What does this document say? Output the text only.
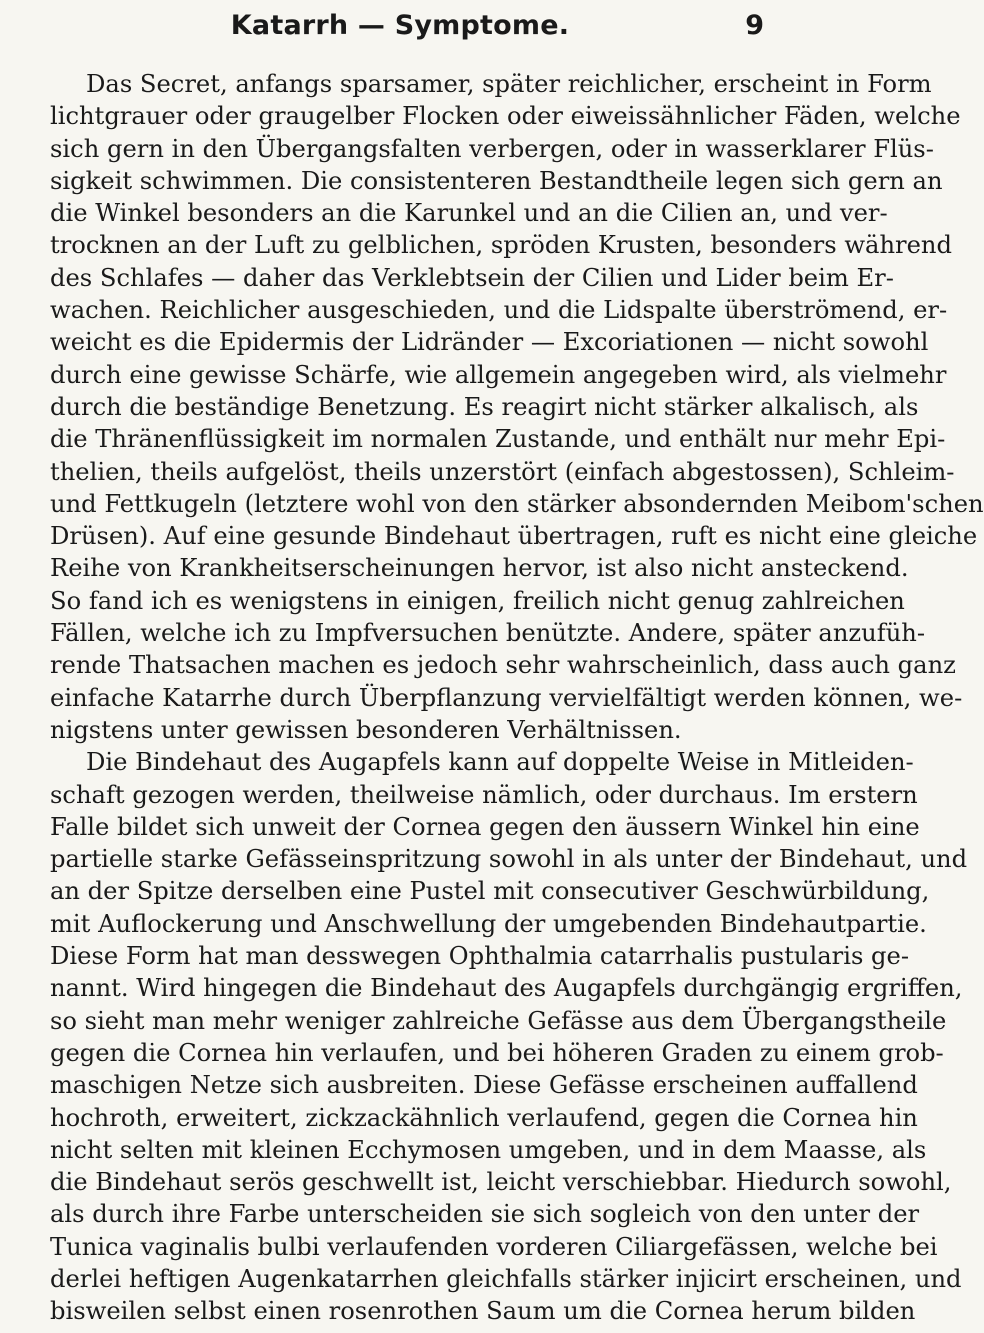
Katarrh — Symptome.	9
Das Secret, anfangs sparsamer, später reichlicher, erscheint in Form
lichtgrauer oder graugelber Flocken oder eiweissähnlicher Fäden, welche
sich gern in den Übergangsfalten verbergen, oder in wasserklarer Flüs-
sigkeit schwimmen. Die consistenteren Bestandtheile legen sich gern an
die Winkel besonders an die Karunkel und an die Cilien an, und ver-
trocknen an der Luft zu gelblichen, spröden Krusten, besonders während
des Schlafes — daher das Verklebtsein der Cilien und Lider beim Er-
wachen. Reichlicher ausgeschieden, und die Lidspalte überströmend, er-
weicht es die Epidermis der Lidränder — Excoriationen — nicht sowohl
durch eine gewisse Schärfe, wie allgemein angegeben wird, als vielmehr
durch die beständige Benetzung. Es reagirt nicht stärker alkalisch, als
die Thränenflüssigkeit im normalen Zustande, und enthält nur mehr Epi-
thelien, theils aufgelöst, theils unzerstört (einfach abgestossen), Schleim-
und Fettkugeln (letztere wohl von den stärker absondernden Meibom'schen
Drüsen). Auf eine gesunde Bindehaut übertragen, ruft es nicht eine gleiche
Reihe von Krankheitserscheinungen hervor, ist also nicht ansteckend.
So fand ich es wenigstens in einigen, freilich nicht genug zahlreichen
Fällen, welche ich zu Impfversuchen benützte. Andere, später anzufüh-
rende Thatsachen machen es jedoch sehr wahrscheinlich, dass auch ganz
einfache Katarrhe durch Überpflanzung vervielfältigt werden können, we-
nigstens unter gewissen besonderen Verhältnissen.
Die Bindehaut des Augapfels kann auf doppelte Weise in Mitleiden-
schaft gezogen werden, theilweise nämlich, oder durchaus. Im erstern
Falle bildet sich unweit der Cornea gegen den äussern Winkel hin eine
partielle starke Gefässeinspritzung sowohl in als unter der Bindehaut, und
an der Spitze derselben eine Pustel mit consecutiver Geschwürbildung,
mit Auflockerung und Anschwellung der umgebenden Bindehautpartie.
Diese Form hat man desswegen Ophthalmia catarrhalis pustularis ge-
nannt. Wird hingegen die Bindehaut des Augapfels durchgängig ergriffen,
so sieht man mehr weniger zahlreiche Gefässe aus dem Übergangstheile
gegen die Cornea hin verlaufen, und bei höheren Graden zu einem grob-
maschigen Netze sich ausbreiten. Diese Gefässe erscheinen auffallend
hochroth, erweitert, zickzackähnlich verlaufend, gegen die Cornea hin
nicht selten mit kleinen Ecchymosen umgeben, und in dem Maasse, als
die Bindehaut serös geschwellt ist, leicht verschiebbar. Hiedurch sowohl,
als durch ihre Farbe unterscheiden sie sich sogleich von den unter der
Tunica vaginalis bulbi verlaufenden vorderen Ciliargefässen, welche bei
derlei heftigen Augenkatarrhen gleichfalls stärker injicirt erscheinen, und
bisweilen selbst einen rosenrothen Saum um die Cornea herum bilden
